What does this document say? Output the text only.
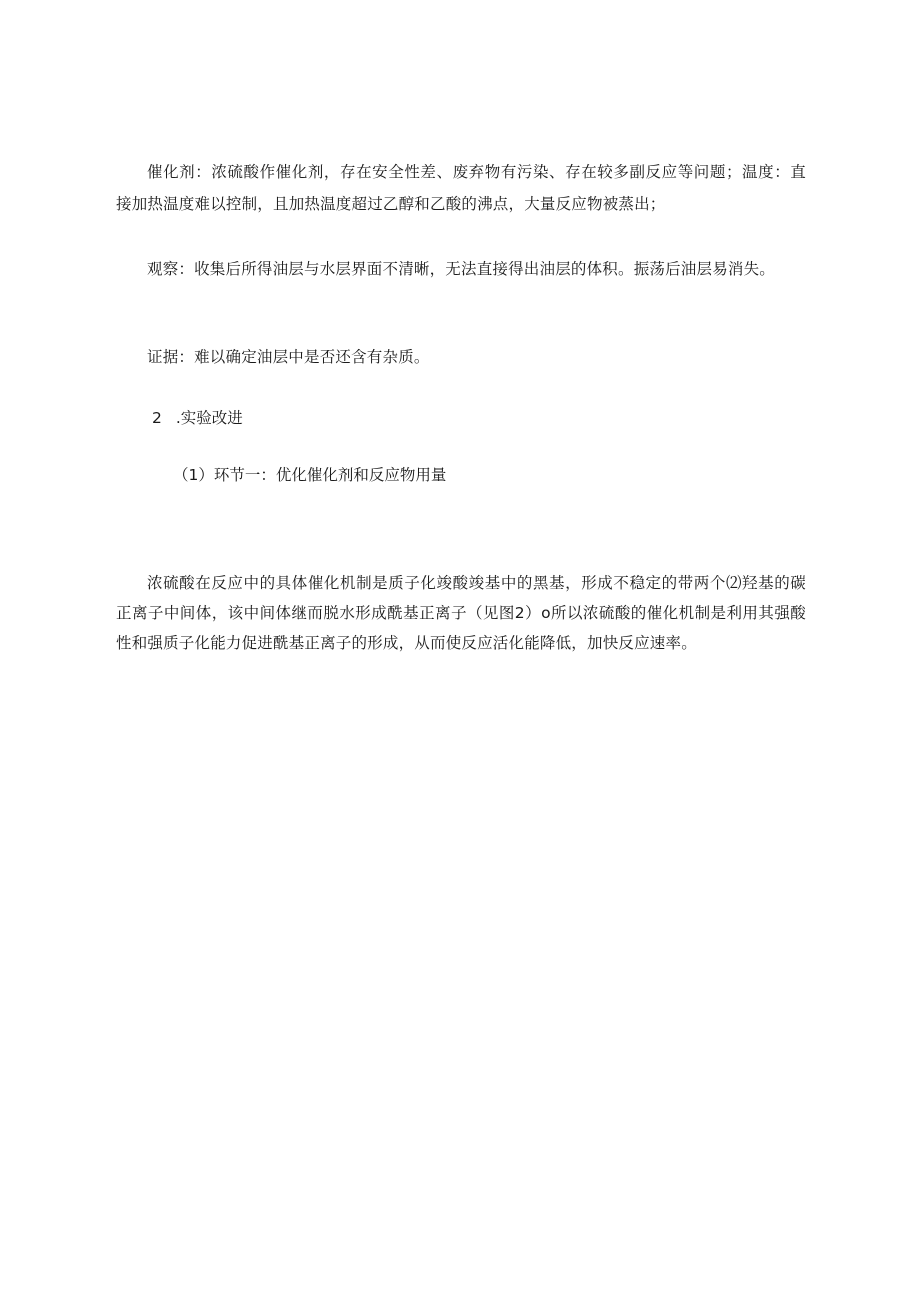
催化剂：浓硫酸作催化剂，存在安全性差、废弃物有污染、存在较多副反应等问题；温度：直接加热温度难以控制，且加热温度超过乙醇和乙酸的沸点，大量反应物被蒸出；

观察：收集后所得油层与水层界面不清晰，无法直接得出油层的体积。振荡后油层易消失。

证据：难以确定油层中是否还含有杂质。

2 .实验改进

（1）环节一：优化催化剂和反应物用量

浓硫酸在反应中的具体催化机制是质子化竣酸竣基中的黑基，形成不稳定的带两个⑵羟基的碳正离子中间体，该中间体继而脱水形成酰基正离子（见图2）o所以浓硫酸的催化机制是利用其强酸性和强质子化能力促进酰基正离子的形成，从而使反应活化能降低，加快反应速率。
